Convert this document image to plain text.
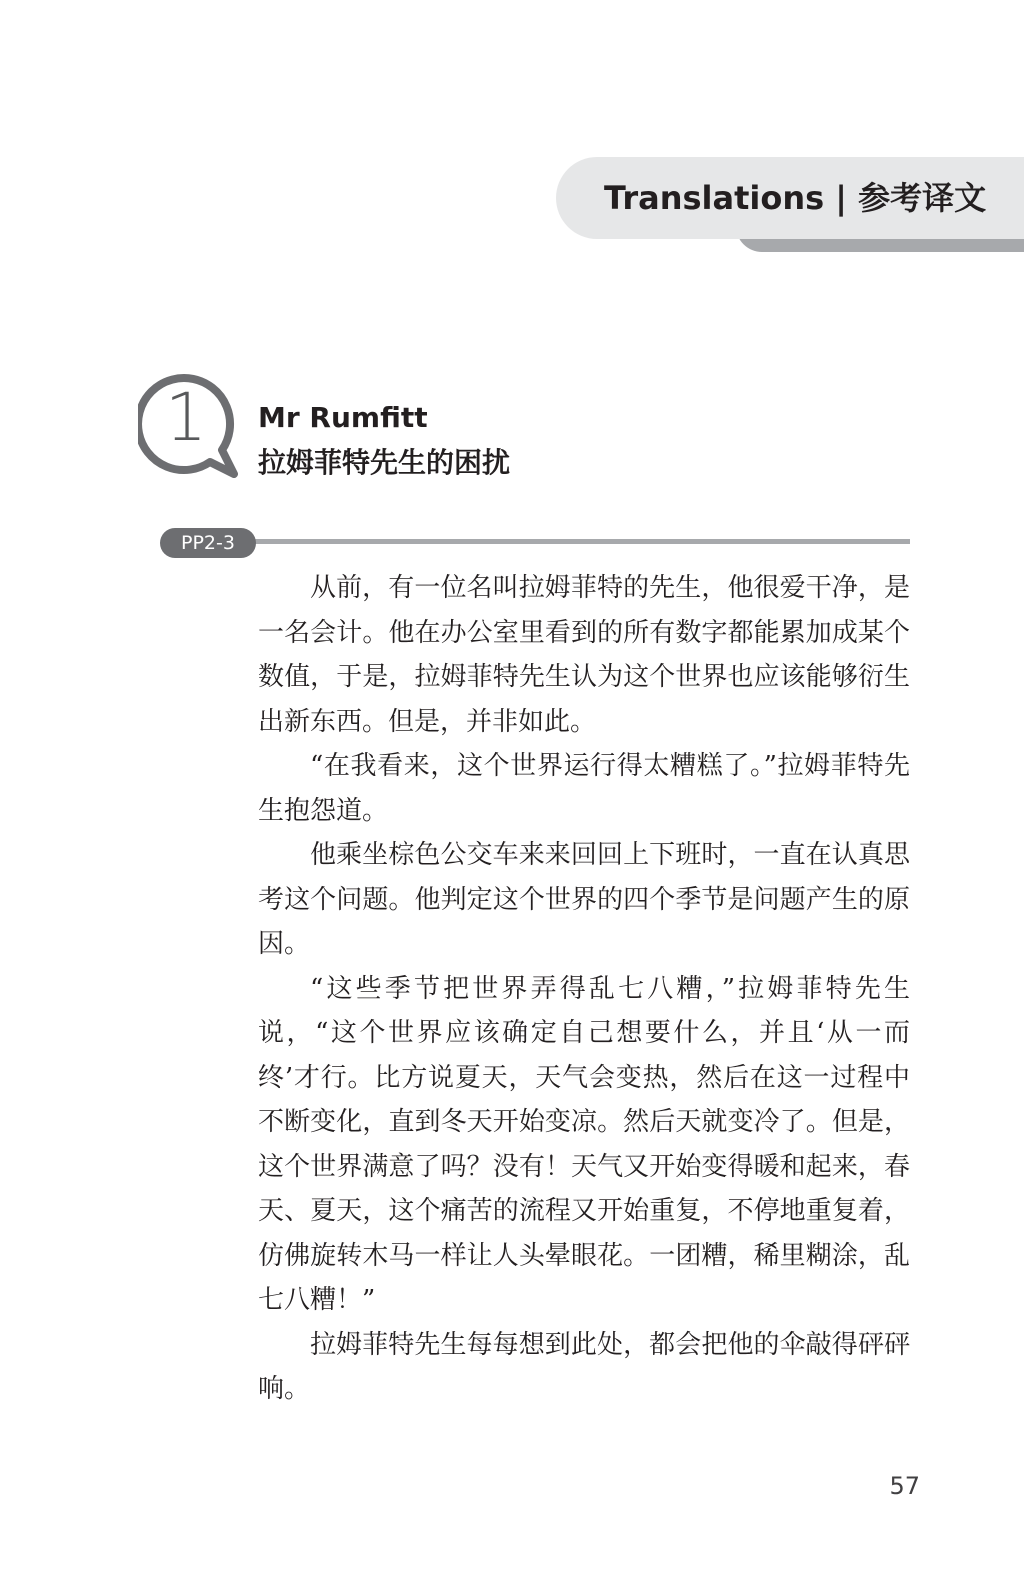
Translations | 参考译文
1	Mr Rumfitt
拉姆菲特先生的困扰
PP2-3

从前，有一位名叫拉姆菲特的先生，他很爱干净，是一名会计。他在办公室里看到的所有数字都能累加成某个数值，于是，拉姆菲特先生认为这个世界也应该能够衍生出新东西。但是，并非如此。

“在我看来，这个世界运行得太糟糕了。”拉姆菲特先生抱怨道。

他乘坐棕色公交车来来回回上下班时，一直在认真思考这个问题。他判定这个世界的四个季节是问题产生的原因。

“这些季节把世界弄得乱七八糟，”拉姆菲特先生说，“这个世界应该确定自己想要什么，并且‘从一而终’才行。比方说夏天，天气会变热，然后在这一过程中不断变化，直到冬天开始变凉。然后天就变冷了。但是，这个世界满意了吗？没有！天气又开始变得暖和起来，春天、夏天，这个痛苦的流程又开始重复，不停地重复着，仿佛旋转木马一样让人头晕眼花。一团糟，稀里糊涂，乱七八糟！”

拉姆菲特先生每每想到此处，都会把他的伞敲得砰砰响。

57
